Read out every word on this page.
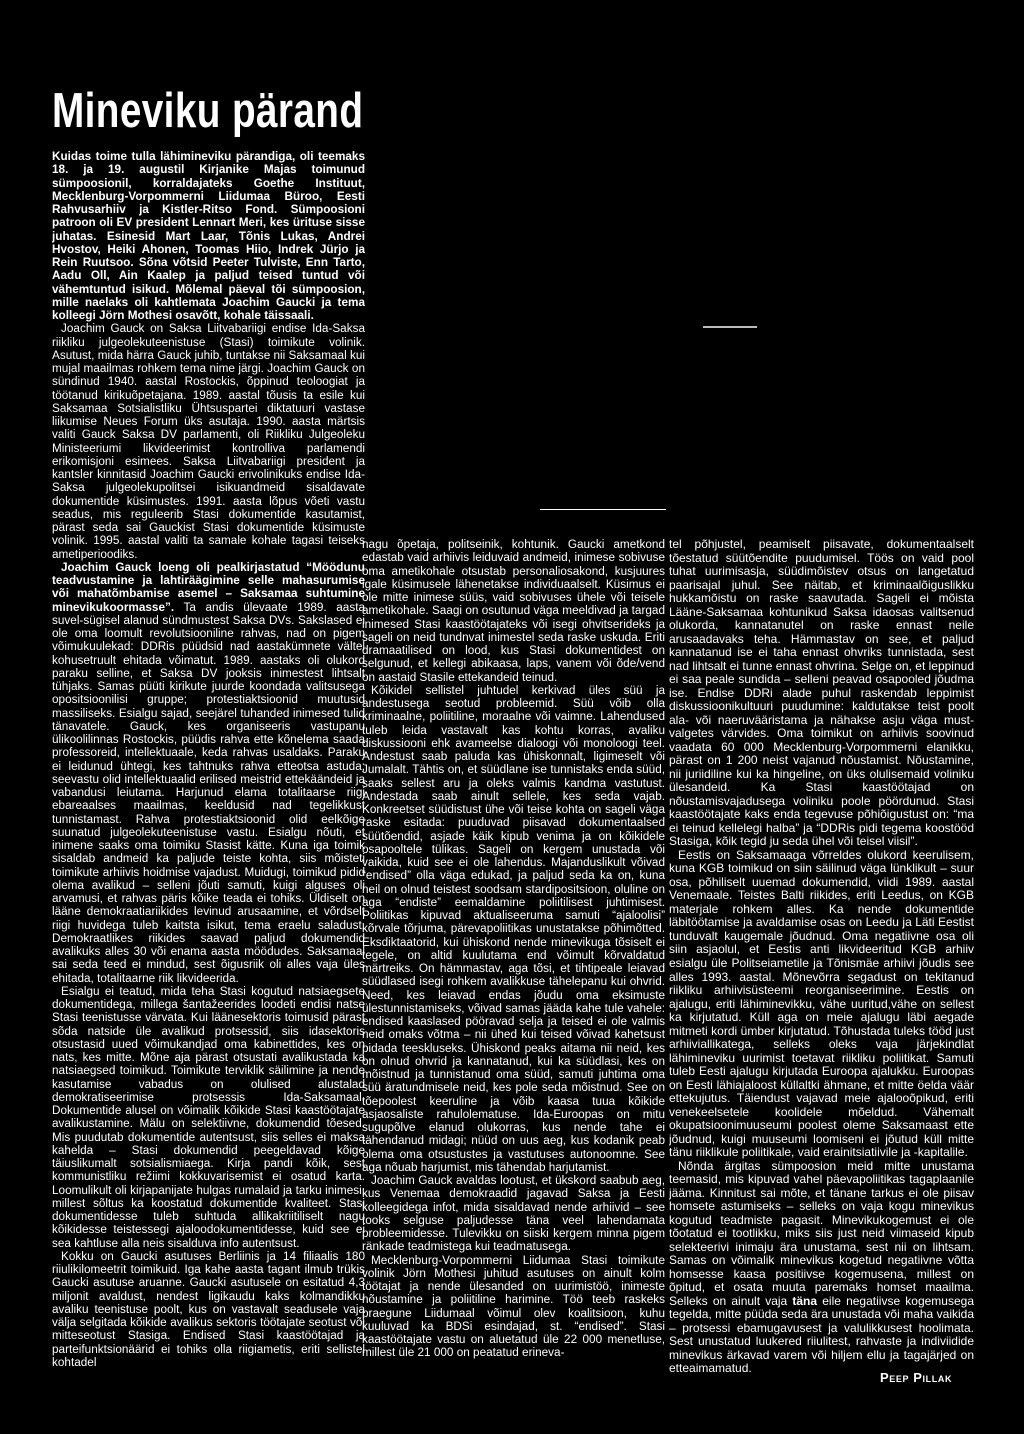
Mineviku pärand

Kuidas toime tulla lähimineviku pärandiga, oli teemaks 18. ja 19. augustil Kirjanike Majas toimunud sümpoosionil, korraldajateks Goethe Instituut, Mecklenburg-Vorpommerni Liidumaa Büroo, Eesti Rahvusarhiiv ja Kistler-Ritso Fond. Sümpoosioni patroon oli EV president Lennart Meri, kes ürituse sisse juhatas. Esinesid Mart Laar, Tõnis Lukas, Andrei Hvostov, Heiki Ahonen, Toomas Hiio, Indrek Jürjo ja Rein Ruutsoo. Sõna võtsid Peeter Tulviste, Enn Tarto, Aadu Oll, Ain Kaalep ja paljud teised tuntud või vähemtuntud isikud. Mõlemal päeval tõi sümpoosion, mille naelaks oli kahtlemata Joachim Gaucki ja tema kolleegi Jörn Mothesi osavõtt, kohale täissaali.

Joachim Gauck on Saksa Liitvabariigi endise Ida-Saksa riikliku julgeolekuteenistuse (Stasi) toimikute volinik. Asutust, mida härra Gauck juhib, tuntakse nii Saksamaal kui mujal maailmas rohkem tema nime järgi. Joachim Gauck on sündinud 1940. aastal Rostockis, õppinud teoloogiat ja töötanud kirikuõpetajana. 1989. aastal tõusis ta esile kui Saksamaa Sotsialistliku Ühtsuspartei diktatuuri vastase liikumise Neues Forum üks asutaja. 1990. aasta märtsis valiti Gauck Saksa DV parlamenti, oli Riikliku Julgeoleku Ministeeriumi likvideerimist kontrolliva parlamendi erikomisjoni esimees. Saksa Liitvabariigi president ja kantsler kinnitasid Joachim Gaucki erivolinikuks endise Ida-Saksa julgeolekupolitsei isikuandmeid sisaldavate dokumentide küsimustes. 1991. aasta lõpus võeti vastu seadus, mis reguleerib Stasi dokumentide kasutamist, pärast seda sai Gauckist Stasi dokumentide küsimuste volinik. 1995. aastal valiti ta samale kohale tagasi teiseks ametiperioodiks.

Joachim Gauck loeng oli pealkirjastatud “Möödunu teadvustamine ja lahtiräägimine selle mahasurumise või mahatõmbamise asemel – Saksamaa suhtumine minevikukoormasse”. Ta andis ülevaate 1989. aasta suvel-sügisel alanud sündmustest Saksa DVs. Sakslased ei ole oma loomult revolutsiooniline rahvas, nad on pigem võimukuulekad: DDRis püüdsid nad aastakümnete vältel kohusetruult ehitada võimatut. 1989. aastaks oli olukord paraku selline, et Saksa DV jooksis inimestest lihtsalt tühjaks. Samas püüti kirikute juurde koondada valitsusega opositsioonilisi gruppe; protestiaktsioonid muutusid massiliseks. Esialgu sajad, seejärel tuhanded inimesed tulid tänavatele. Gauck, kes organiseeris vastupanu ülikoolilinnas Rostockis, püüdis rahva ette kõnelema saada professoreid, intellektuaale, keda rahvas usaldaks. Paraku ei leidunud ühtegi, kes tahtnuks rahva etteotsa astuda; seevastu olid intellektuaalid erilised meistrid ettekäändeid ja vabandusi leiutama. Harjunud elama totalitaarse riigi ebareaalses maailmas, keeldusid nad tegelikkust tunnistamast. Rahva protestiaktsioonid olid eelkõige suunatud julgeolekuteenistuse vastu. Esialgu nõuti, et inimene saaks oma toimiku Stasist kätte. Kuna iga toimik sisaldab andmeid ka paljude teiste kohta, siis mõisteti toimikute arhiivis hoidmise vajadust. Muidugi, toimikud pidid olema avalikud – selleni jõuti samuti, kuigi alguses oli arvamusi, et rahvas päris kõike teada ei tohiks. Üldiselt on lääne demokraatiariikides levinud arusaamine, et võrdselt riigi huvidega tuleb kaitsta isikut, tema eraelu saladust. Demokraatlikes riikides saavad paljud dokumendid avalikuks alles 30 või enama aasta möödudes. Saksamaal sai seda teed ei mindud, sest õigusriik oli alles vaja üles ehitada, totalitaarne riik likvideerida.

Esialgu ei teatud, mida teha Stasi kogutud natsiaegsete dokumentidega, millega šantažeerides loodeti endisi natse Stasi teenistusse värvata. Kui läänesektoris toimusid pärast sõda natside üle avalikud protsessid, siis idasektoris otsustasid uued võimukandjad oma kabinettides, kes on nats, kes mitte. Mõne aja pärast otsustati avalikustada ka natsiaegsed toimikud. Toimikute terviklik säilimine ja nende kasutamise vabadus on olulised alustalad demokratiseerimise protsessis Ida-Saksamaal. Dokumentide alusel on võimalik kõikide Stasi kaastöötajate avalikustamine. Mälu on selektiivne, dokumendid tõesed. Mis puudutab dokumentide autentsust, siis selles ei maksa kahelda – Stasi dokumendid peegeldavad kõige täiuslikumalt sotsialismiaega. Kirja pandi kõik, sest kommunistliku režiimi kokkuvarisemist ei osatud karta. Loomulikult oli kirjapanijate hulgas rumalaid ja tarku inimesi, millest sõltus ka koostatud dokumentide kvaliteet. Stasi dokumentidesse tuleb suhtuda allikakriitiliselt nagu kõikidesse teistessegi ajaloodokumentidesse, kuid see ei sea kahtluse alla neis sisalduva info autentsust.

Kokku on Gaucki asutuses Berliinis ja 14 filiaalis 180 riiulikilomeetrit toimikuid. Iga kahe aasta tagant ilmub trükis Gaucki asutuse aruanne. Gaucki asutusele on esitatud 4,3 miljonit avaldust, nendest ligikaudu kaks kolmandikku avaliku teenistuse poolt, kus on vastavalt seadusele vaja välja selgitada kõikide avalikus sektoris töötajate seotust või mitteseotust Stasiga. Endised Stasi kaastöötajad ja parteifunktsionäärid ei tohiks olla riigiametis, eriti sellistel kohtadel

nagu õpetaja, politseinik, kohtunik. Gaucki ametkond edastab vaid arhiivis leiduvaid andmeid, inimese sobivuse oma ametikohale otsustab personaliosakond, kusjuures igale küsimusele lähenetakse individuaalselt. Küsimus ei ole mitte inimese süüs, vaid sobivuses ühele või teisele ametikohale. Saagi on osutunud väga meeldivad ja targad inimesed Stasi kaastöötajateks või isegi ohvitserideks ja sageli on neid tundnvat inimestel seda raske uskuda. Eriti dramaatilised on lood, kus Stasi dokumentidest on selgunud, et kellegi abikaasa, laps, vanem või õde/vend on aastaid Stasile ettekandeid teinud.

Kõikidel sellistel juhtudel kerkivad üles süü ja andestusega seotud probleemid. Süü võib olla kriminaalne, poliitiline, moraalne või vaimne. Lahendused tuleb leida vastavalt kas kohtu korras, avaliku diskussiooni ehk avameelse dialoogi või monoloogi teel. Andestust saab paluda kas ühiskonnalt, ligimeselt või Jumalalt. Tähtis on, et süüdlane ise tunnistaks enda süüd, saaks sellest aru ja oleks valmis kandma vastutust. Andestada saab ainult sellele, kes seda vajab. Konkreetset süüdistust ühe või teise kohta on sageli väga raske esitada: puuduvad piisavad dokumentaalsed süütõendid, asjade käik kipub venima ja on kõikidele osapooltele tülikas. Sageli on kergem unustada või vaikida, kuid see ei ole lahendus. Majanduslikult võivad “endised” olla väga edukad, ja paljud seda ka on, kuna neil on olnud teistest soodsam stardipositsioon, oluline on aga “endiste” eemaldamine poliitilisest juhtimisest. Poliitikas kipuvad aktualiseeruma samuti “ajaloolisi” kõrvale tõrjuma, pärevapoliitikas unustatakse põhimõtted. Eksdiktaatorid, kui ühiskond nende minevikuga tõsiselt ei tegele, on altid kuulutama end võimult kõrvaldatud märtreiks. On hämmastav, aga tõsi, et tihtipeale leiavad süüdlased isegi rohkem avalikkuse tähelepanu kui ohvrid. Need, kes leiavad endas jõudu oma eksimuste ülestunnistamiseks, võivad samas jääda kahe tule vahele: endised kaaslased pööravad selja ja teised ei ole valmis neid omaks võtma – nii ühed kui teised võivad kahetsust pidada teeskluseks. Ühiskond peaks aitama nii neid, kes on olnud ohvrid ja kannatanud, kui ka süüdlasi, kes on mõistnud ja tunnistanud oma süüd, samuti juhtima oma süü äratundmisele neid, kes pole seda mõistnud. See on tõepoolest keeruline ja võib kaasa tuua kõikide asjaosaliste rahulolematuse. Ida-Euroopas on mitu sugupõlve elanud olukorras, kus nende tahe ei tähendanud midagi; nüüd on uus aeg, kus kodanik peab olema oma otsustustes ja vastutuses autonoomne. See aga nõuab harjumist, mis tähendab harjutamist.

Joachim Gauck avaldas lootust, et ükskord saabub aeg, kus Venemaa demokraadid jagavad Saksa ja Eesti kolleegidega infot, mida sisaldavad nende arhiivid – see tooks selguse paljudesse täna veel lahendamata probleemidesse. Tulevikku on siiski kergem minna pigem ränkade teadmistega kui teadmatusega.

Mecklenburg-Vorpommerni Liidumaa Stasi toimikute volinik Jörn Mothesi juhitud asutuses on ainult kolm töötajat ja nende ülesanded on uurimistöö, inimeste nõustamine ja poliitiline harimine. Töö teeb raskeks praegune Liidumaal võimul olev koalitsioon, kuhu kuuluvad ka BDSi esindajad, st. “endised”. Stasi kaastöötajate vastu on aluetatud üle 22 000 menetluse, millest üle 21 000 on peatatud erineva-

tel põhjustel, peamiselt piisavate, dokumentaalselt tõestatud süütõendite puudumisel. Töös on vaid pool tuhat uurimisasja, süüdimõistev otsus on langetatud paarisajal juhul. See näitab, et kriminaalõiguslikku hukkamõistu on raske saavutada. Sageli ei mõista Lääne-Saksamaa kohtunikud Saksa idaosas valitsenud olukorda, kannatanutel on raske ennast neile arusaadavaks teha. Hämmastav on see, et paljud kannatanud ise ei taha ennast ohvriks tunnistada, sest nad lihtsalt ei tunne ennast ohvrina. Selge on, et leppinud ei saa peale sundida – selleni peavad osapooled jõudma ise. Endise DDRi alade puhul raskendab leppimist diskussioonikultuuri puudumine: kaldutakse teist poolt ala- või naeruvääristama ja nähakse asju väga must-valgetes värvides. Oma toimikut on arhiivis soovinud vaadata 60 000 Mecklenburg-Vorpommerni elanikku, pärast on 1 200 neist vajanud nõustamist. Nõustamine, nii juriidiline kui ka hingeline, on üks olulisemaid voliniku ülesandeid. Ka Stasi kaastöötajad on nõustamisvajadusega voliniku poole pöördunud. Stasi kaastöötajate kaks enda tegevuse põhiõigustust on: “ma ei teinud kellelegi halba” ja “DDRis pidi tegema koostööd Stasiga, kõik tegid ju seda ühel või teisel viisil”.

Eestis on Saksamaaga võrreldes olukord keerulisem, kuna KGB toimikud on siin säilinud väga lünklikult – suur osa, põhiliselt uuemad dokumendid, viidi 1989. aastal Venemaale. Teistes Balti riikides, eriti Leedus, on KGB materjale rohkem alles. Ka nende dokumentide läbitöötamise ja avaldamise osas on Leedu ja Läti Eestist tunduvalt kaugemale jõudnud. Oma negatiivne osa oli siin asjaolul, et Eestis anti likvideeritud KGB arhiiv esialgu üle Politseiametile ja Tõnismäe arhiivi jõudis see alles 1993. aastal. Mõnevõrra segadust on tekitanud riikliku arhiivisüsteemi reorganiseerimine. Eestis on ajalugu, eriti lähiminevikku, vähe uuritud,vähe on sellest ka kirjutatud. Küll aga on meie ajalugu läbi aegade mitmeti kordi ümber kirjutatud. Tõhustada tuleks tööd just arhiiviallikatega, selleks oleks vaja järjekindlat lähimineviku uurimist toetavat riikliku poliitikat. Samuti tuleb Eesti ajalugu kirjutada Euroopa ajalukku. Euroopas on Eesti lähiajaloost küllaltki ähmane, et mitte öelda väär ettekujutus. Täiendust vajavad meie ajalooõpikud, eriti venekeelsetele koolidele mõeldud. Vähemalt okupatsioonimuuseumi poolest oleme Saksamaast ette jõudnud, kuigi muuseumi loomiseni ei jõutud küll mitte tänu riiklikule poliitikale, vaid erainitsiatiivile ja -kapitalile.

Nõnda ärgitas sümpoosion meid mitte unustama teemasid, mis kipuvad vahel päevapoliitikas tagaplaanile jääma. Kinnitust sai mõte, et tänane tarkus ei ole piisav homsete astumiseks – selleks on vaja kogu minevikus kogutud teadmiste pagasit. Minevikukogemust ei ole tõotatud ei tootlikku, miks siis just neid viimaseid kipub selekteerivi inimaju ära unustama, sest nii on lihtsam. Samas on võimalik minevikus kogetud negatiivne võtta homsesse kaasa positiivse kogemusena, millest on õpitud, et osata muuta paremaks homset maailma. Selleks on ainult vaja täna eile negatiivse kogemusega tegelda, mitte püüda seda ära unustada või maha vaikida – protsessi ebamugavusest ja valulikkusest hoolimata. Sest unustatud luukered riiulitest, rahvaste ja indiviidide minevikus ärkavad varem või hiljem ellu ja tagajärjed on etteaimamatud.

Peep Pillak
